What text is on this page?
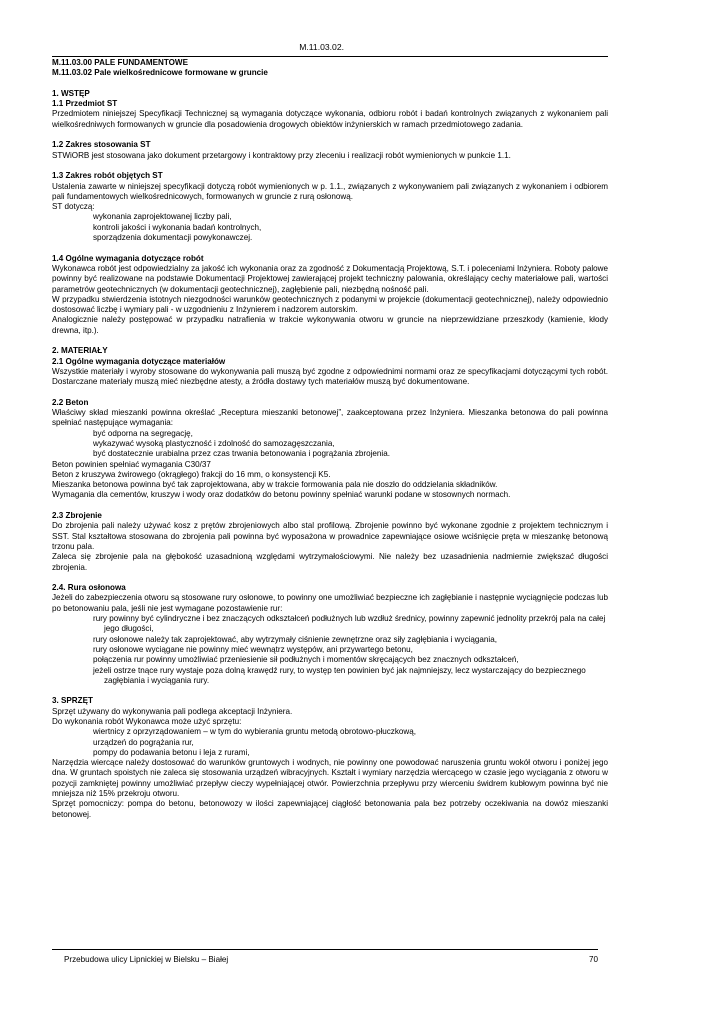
M.11.03.02.

M.11.03.00 PALE FUNDAMENTOWE

M.11.03.02 Pale wielkośrednicowe formowane w gruncie

1. WSTĘP

1.1 Przedmiot ST

Przedmiotem niniejszej Specyfikacji Technicznej są wymagania dotyczące wykonania, odbioru robót i badań kontrolnych związanych z wykonaniem pali wielkośredniwych formowanych w gruncie dla posadowienia drogowych obiektów inżynierskich w ramach przedmiotowego zadania.

1.2 Zakres stosowania ST

STWiORB jest stosowana jako dokument przetargowy i kontraktowy przy zleceniu i realizacji robót wymienionych w punkcie 1.1.

1.3 Zakres robót objętych ST

Ustalenia zawarte w niniejszej specyfikacji dotyczą robót wymienionych w p. 1.1., związanych z wykonywaniem pali związanych z wykonaniem i odbiorem pali fundamentowych wielkośrednicowych, formowanych w gruncie z rurą osłonową.

ST dotyczą:

wykonania zaprojektowanej liczby pali,

kontroli jakości i wykonania badań kontrolnych,

sporządzenia dokumentacji powykonawczej.

1.4 Ogólne wymagania dotyczące robót

Wykonawca robót jest odpowiedzialny za jakość ich wykonania oraz za zgodność z Dokumentacją Projektową, S.T. i poleceniami Inżyniera. Roboty palowe powinny być realizowane na podstawie Dokumentacji Projektowej zawierającej projekt techniczny palowania, określający cechy materiałowe pali, wartości parametrów geotechnicznych (w dokumentacji geotechnicznej), zagłębienie pali, niezbędną nośność pali.

W przypadku stwierdzenia istotnych niezgodności warunków geotechnicznych z podanymi w projekcie (dokumentacji geotechnicznej), należy odpowiednio dostosować liczbę i wymiary pali - w uzgodnieniu z Inżynierem i nadzorem autorskim.

Analogicznie należy postępować w przypadku natrafienia w trakcie wykonywania otworu w gruncie na nieprzewidziane przeszkody (kamienie, kłody drewna, itp.).

2. MATERIAŁY

2.1 Ogólne wymagania dotyczące materiałów

Wszystkie materiały i wyroby stosowane do wykonywania pali muszą być zgodne z odpowiednimi normami oraz ze specyfikacjami dotyczącymi tych robót. Dostarczane materiały muszą mieć niezbędne atesty, a źródła dostawy tych materiałów muszą być dokumentowane.

2.2 Beton

Właściwy skład mieszanki powinna określać „Receptura mieszanki betonowej”, zaakceptowana przez Inżyniera. Mieszanka betonowa do pali powinna spełniać następujące wymagania:

być odporna na segregację,

wykazywać wysoką plastyczność i zdolność do samozagęszczania,

być dostatecznie urabialna przez czas trwania betonowania i pogrążania zbrojenia.

Beton powinien spełniać wymagania C30/37

Beton z kruszywa żwirowego (okrągłego) frakcji do 16 mm, o konsystencji K5.

Mieszanka betonowa powinna być tak zaprojektowana, aby w trakcie formowania pala nie doszło do oddzielania składników.

Wymagania dla cementów, kruszyw i wody oraz dodatków do betonu powinny spełniać warunki podane w stosownych normach.

2.3 Zbrojenie

Do zbrojenia pali należy używać kosz z prętów zbrojeniowych albo stal profilową. Zbrojenie powinno być wykonane zgodnie z projektem technicznym i SST. Stal kształtowa stosowana do zbrojenia pali powinna być wyposażona w prowadnice zapewniające osiowe wciśnięcie pręta w mieszankę betonową trzonu pala.

Zaleca się zbrojenie pala na głębokość uzasadnioną względami wytrzymałościowymi. Nie należy bez uzasadnienia nadmiernie zwiększać długości zbrojenia.

2.4. Rura osłonowa

Jeżeli do zabezpieczenia otworu są stosowane rury osłonowe, to powinny one umożliwiać bezpieczne ich zagłębianie i następnie wyciągnięcie podczas lub po betonowaniu pala, jeśli nie jest wymagane pozostawienie rur:

rury powinny być cylindryczne i bez znaczących odkształceń podłużnych lub wzdłuż średnicy, powinny zapewnić jednolity przekrój pala na całej jego długości,

rury osłonowe należy tak zaprojektować, aby wytrzymały ciśnienie zewnętrzne oraz siły zagłębiania i wyciągania,

rury osłonowe wyciągane nie powinny mieć wewnątrz występów, ani przywartego betonu,

połączenia rur powinny umożliwiać przeniesienie sił podłużnych i momentów skręcających bez znacznych odkształceń,

jeżeli ostrze tnące rury wystaje poza dolną krawędź rury, to występ ten powinien być jak najmniejszy, lecz wystarczający do bezpiecznego zagłębiania i wyciągania rury.

3. SPRZĘT

Sprzęt używany do wykonywania pali podlega akceptacji Inżyniera.

Do wykonania robót Wykonawca może użyć sprzętu:

wiertnicy z oprzyrządowaniem – w tym do wybierania gruntu metodą obrotowo-płuczkową,

urządzeń do pogrążania rur,

pompy do podawania betonu i leja z rurami,

Narzędzia wiercące należy dostosować do warunków gruntowych i wodnych, nie powinny one powodować naruszenia gruntu wokół otworu i poniżej jego dna. W gruntach spoistych nie zaleca się stosowania urządzeń wibracyjnych. Kształt i wymiary narzędzia wiercącego w czasie jego wyciągania z otworu w pozycji zamkniętej powinny umożliwiać przepływ cieczy wypełniającej otwór. Powierzchnia przepływu przy wierceniu świdrem kubłowym powinna być nie mniejsza niż 15% przekroju otworu.

Sprzęt pomocniczy: pompa do betonu, betonowozy w ilości zapewniającej ciągłość betonowania pala bez potrzeby oczekiwania na dowóz mieszanki betonowej.

Przebudowa ulicy Lipnickiej w Bielsku – Białej	70
